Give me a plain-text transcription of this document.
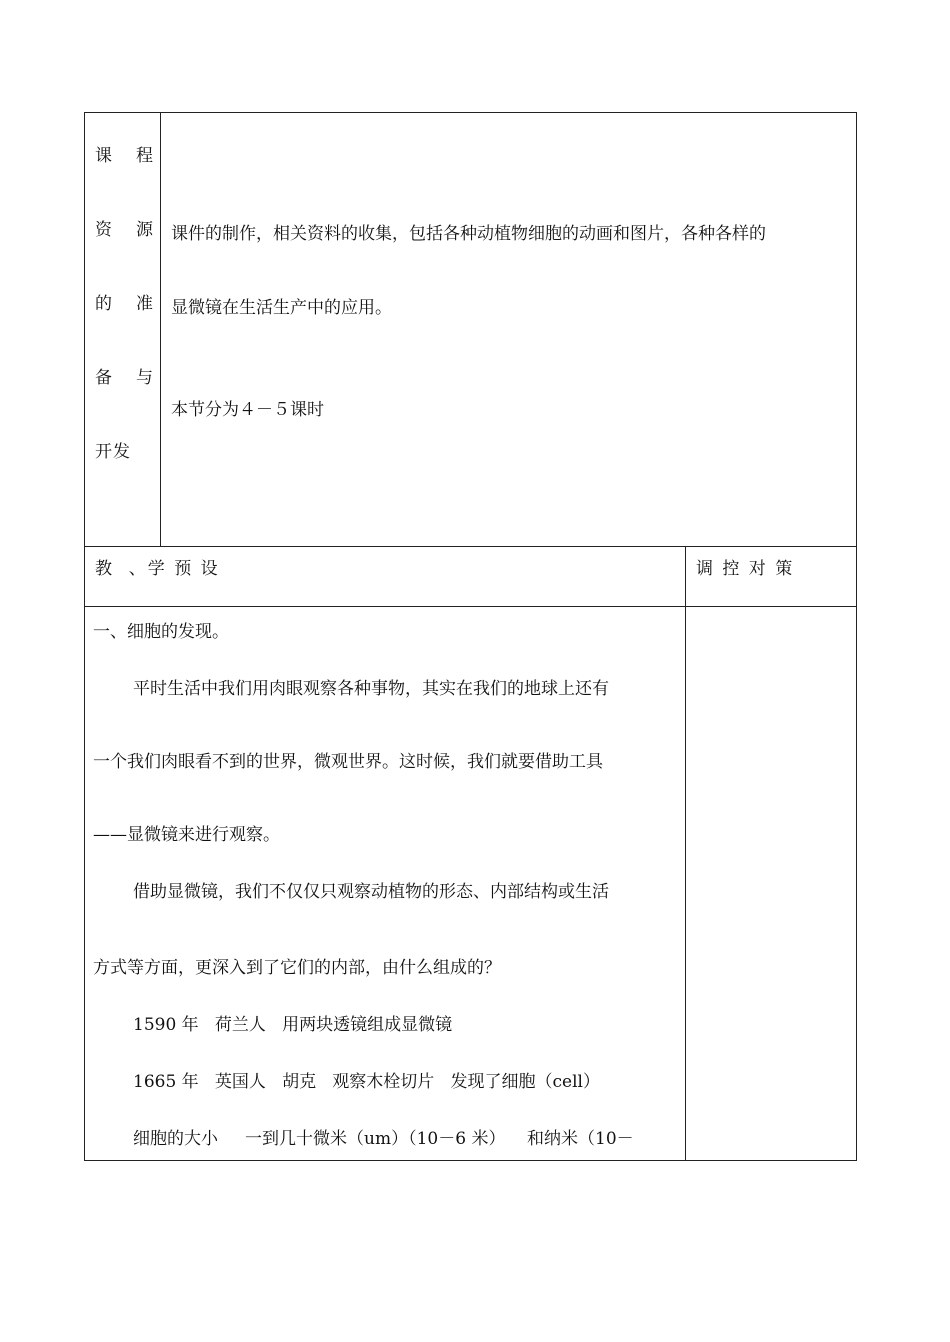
课 程
资 源
的 准
备 与
开发
课件的制作，相关资料的收集，包括各种动植物细胞的动画和图片，各种各样的
显微镜在生活生产中的应用。
本节分为４－５课时
教  、学 预 设	调 控 对 策
一、细胞的发现。
平时生活中我们用肉眼观察各种事物，其实在我们的地球上还有
一个我们肉眼看不到的世界，微观世界。这时候，我们就要借助工具
——显微镜来进行观察。
借助显微镜，我们不仅仅只观察动植物的形态、内部结构或生活
方式等方面，更深入到了它们的内部，由什么组成的？
1590 年   荷兰人   用两块透镜组成显微镜
1665 年   英国人   胡克   观察木栓切片   发现了细胞（cell）
细胞的大小     一到几十微米（um）（10－6 米）    和纳米（10－
